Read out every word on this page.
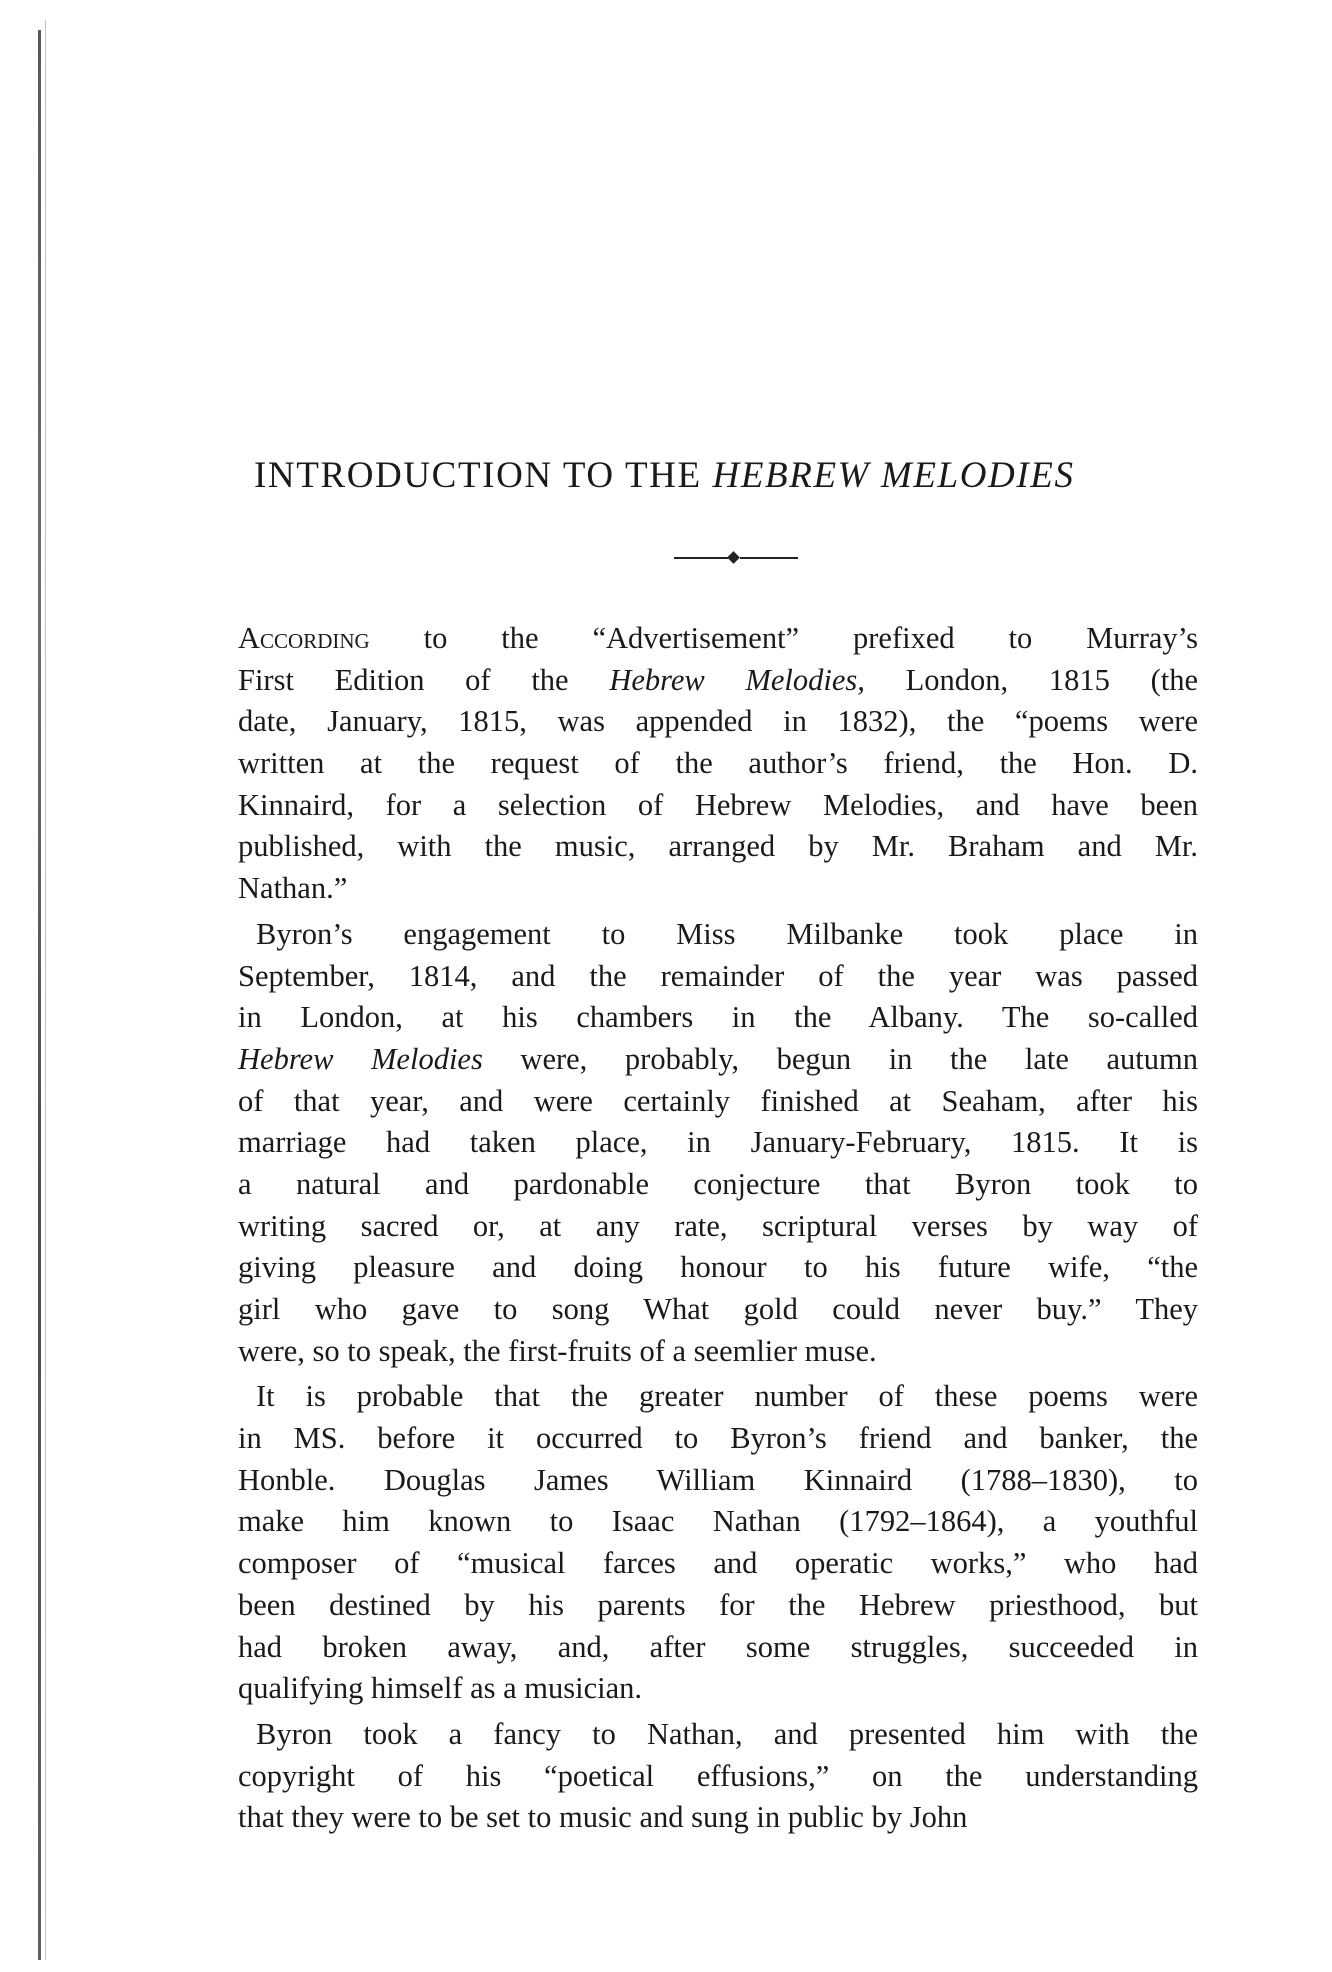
INTRODUCTION TO THE HEBREW MELODIES
According to the “Advertisement” prefixed to Murray’s
First Edition of the Hebrew Melodies, London, 1815 (the
date, January, 1815, was appended in 1832), the “poems were
written at the request of the author’s friend, the Hon. D.
Kinnaird, for a selection of Hebrew Melodies, and have been
published, with the music, arranged by Mr. Braham and Mr.
Nathan.”
Byron’s engagement to Miss Milbanke took place in
September, 1814, and the remainder of the year was passed
in London, at his chambers in the Albany. The so-called
Hebrew Melodies were, probably, begun in the late autumn
of that year, and were certainly finished at Seaham, after his
marriage had taken place, in January-February, 1815. It is
a natural and pardonable conjecture that Byron took to
writing sacred or, at any rate, scriptural verses by way of
giving pleasure and doing honour to his future wife, “the
girl who gave to song What gold could never buy.” They
were, so to speak, the first-fruits of a seemlier muse.
It is probable that the greater number of these poems were
in MS. before it occurred to Byron’s friend and banker, the
Honble. Douglas James William Kinnaird (1788–1830), to
make him known to Isaac Nathan (1792–1864), a youthful
composer of “musical farces and operatic works,” who had
been destined by his parents for the Hebrew priesthood, but
had broken away, and, after some struggles, succeeded in
qualifying himself as a musician.
Byron took a fancy to Nathan, and presented him with the
copyright of his “poetical effusions,” on the understanding
that they were to be set to music and sung in public by John
